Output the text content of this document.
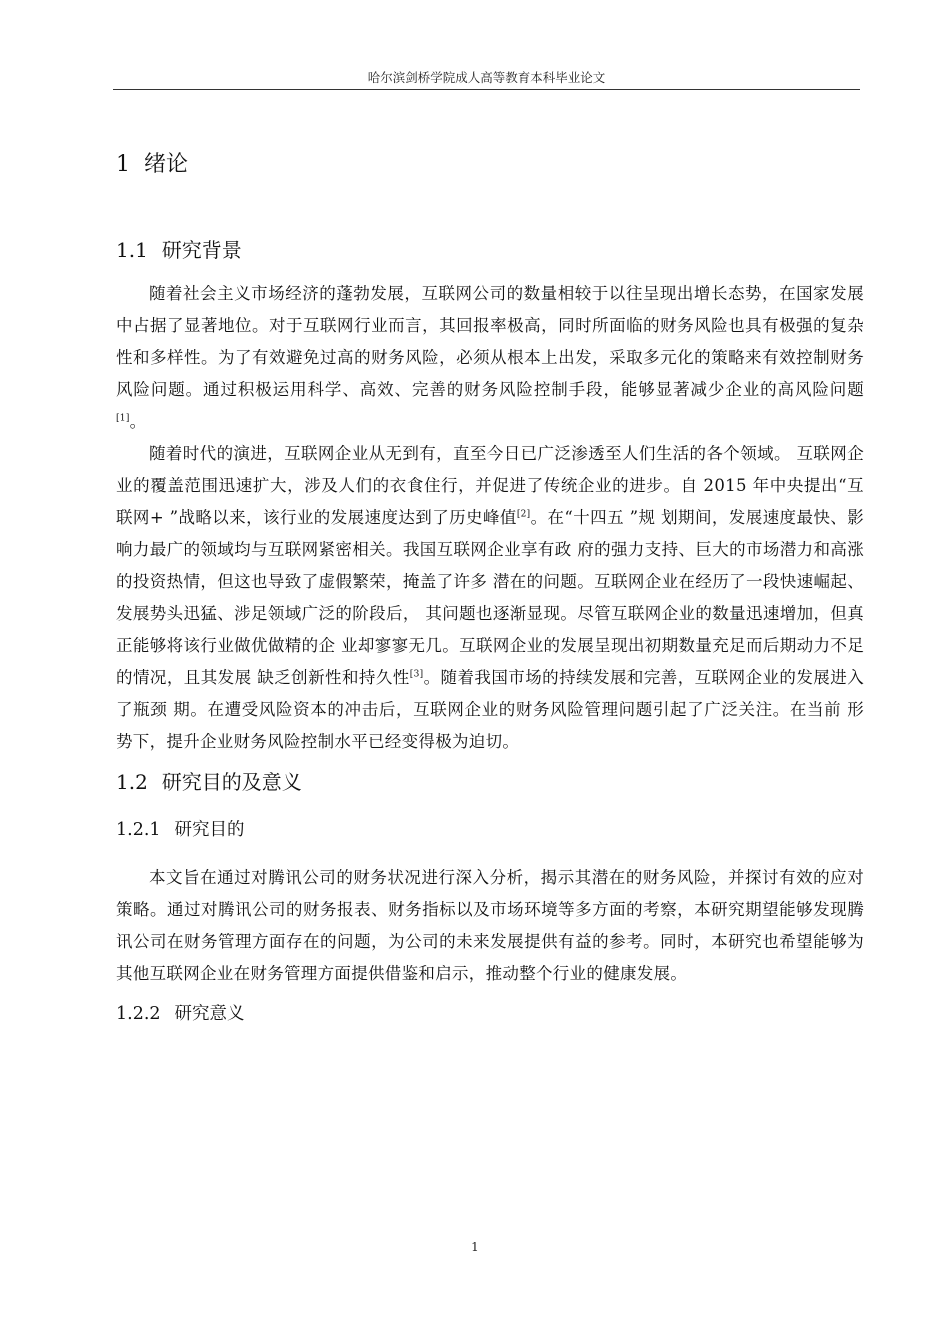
哈尔滨剑桥学院成人高等教育本科毕业论文
1 绪论
1.1 研究背景

随着社会主义市场经济的蓬勃发展，互联网公司的数量相较于以往呈现出增长态势，在国家发展中占据了显著地位。对于互联网行业而言，其回报率极高，同时所面临的财务风险也具有极强的复杂性和多样性。为了有效避免过高的财务风险，必须从根本上出发，采取多元化的策略来有效控制财务风险问题。通过积极运用科学、高效、完善的财务风险控制手段，能够显著减少企业的高风险问题[1]。

随着时代的演进，互联网企业从无到有，直至今日已广泛渗透至人们生活的各个领域。 互联网企业的覆盖范围迅速扩大，涉及人们的衣食住行，并促进了传统企业的进步。自 2015 年中央提出“互联网+ ”战略以来，该行业的发展速度达到了历史峰值[2]。在“十四五 ”规 划期间，发展速度最快、影响力最广的领域均与互联网紧密相关。我国互联网企业享有政 府的强力支持、巨大的市场潜力和高涨的投资热情，但这也导致了虚假繁荣，掩盖了许多 潜在的问题。互联网企业在经历了一段快速崛起、发展势头迅猛、涉足领域广泛的阶段后， 其问题也逐渐显现。尽管互联网企业的数量迅速增加，但真正能够将该行业做优做精的企 业却寥寥无几。互联网企业的发展呈现出初期数量充足而后期动力不足的情况，且其发展 缺乏创新性和持久性[3]。随着我国市场的持续发展和完善，互联网企业的发展进入了瓶颈 期。在遭受风险资本的冲击后，互联网企业的财务风险管理问题引起了广泛关注。在当前 形势下，提升企业财务风险控制水平已经变得极为迫切。

1.2 研究目的及意义
1.2.1 研究目的

本文旨在通过对腾讯公司的财务状况进行深入分析，揭示其潜在的财务风险，并探讨有效的应对策略。通过对腾讯公司的财务报表、财务指标以及市场环境等多方面的考察，本研究期望能够发现腾讯公司在财务管理方面存在的问题，为公司的未来发展提供有益的参考。同时，本研究也希望能够为其他互联网企业在财务管理方面提供借鉴和启示，推动整个行业的健康发展。

1.2.2 研究意义
1
